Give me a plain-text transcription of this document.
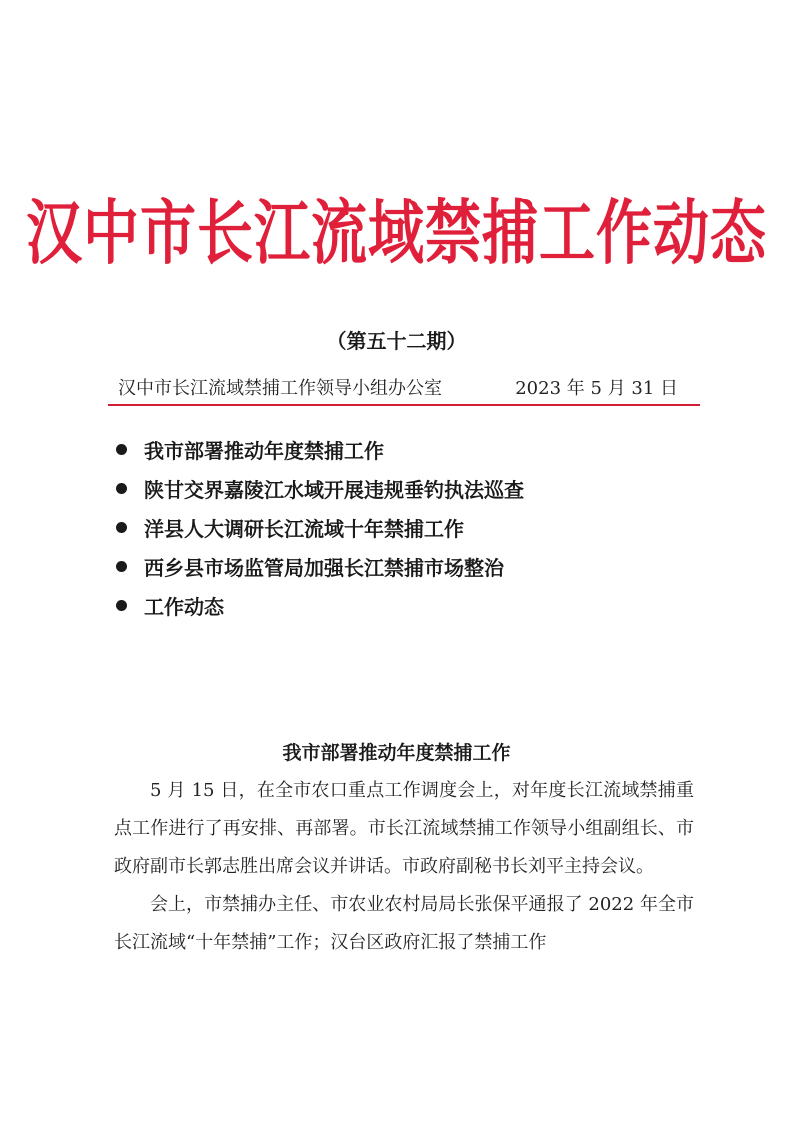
汉中市长江流域禁捕工作动态
（第五十二期）
汉中市长江流域禁捕工作领导小组办公室	2023 年 5 月 31 日
我市部署推动年度禁捕工作
陕甘交界嘉陵江水域开展违规垂钓执法巡查
洋县人大调研长江流域十年禁捕工作
西乡县市场监管局加强长江禁捕市场整治
工作动态
我市部署推动年度禁捕工作

5 月 15 日，在全市农口重点工作调度会上，对年度长江流域禁捕重点工作进行了再安排、再部署。市长江流域禁捕工作领导小组副组长、市政府副市长郭志胜出席会议并讲话。市政府副秘书长刘平主持会议。

会上，市禁捕办主任、市农业农村局局长张保平通报了 2022 年全市长江流域“十年禁捕”工作；汉台区政府汇报了禁捕工作
